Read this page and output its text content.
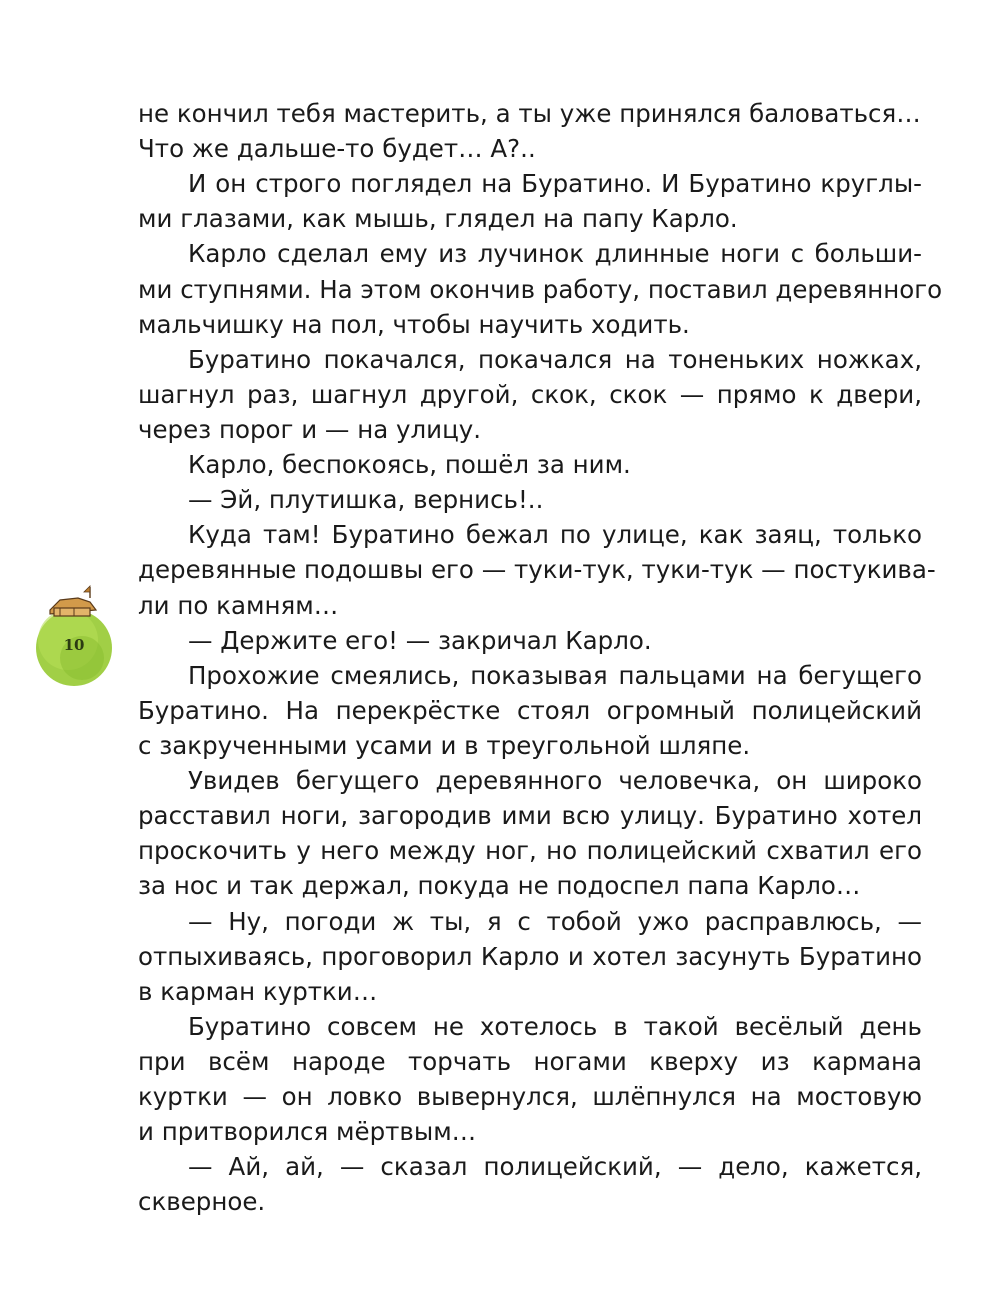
не кончил тебя мастерить, а ты уже принялся баловаться…
Что же дальше-то будет… А?..
И он строго поглядел на Буратино. И Буратино круглы-
ми глазами, как мышь, глядел на папу Карло.
Карло сделал ему из лучинок длинные ноги с больши-
ми ступнями. На этом окончив работу, поставил деревянного
мальчишку на пол, чтобы научить ходить.
Буратино покачался, покачался на тоненьких ножках,
шагнул раз, шагнул другой, скок, скок — прямо к двери,
через порог и — на улицу.
Карло, беспокоясь, пошёл за ним.
— Эй, плутишка, вернись!..
Куда там! Буратино бежал по улице, как заяц, только
деревянные подошвы его — туки-тук, туки-тук — постукива-
ли по камням…
— Держите его! — закричал Карло.
Прохожие смеялись, показывая пальцами на бегущего
Буратино. На перекрёстке стоял огромный полицейский
с закрученными усами и в треугольной шляпе.
Увидев бегущего деревянного человечка, он широко
расставил ноги, загородив ими всю улицу. Буратино хотел
проскочить у него между ног, но полицейский схватил его
за нос и так держал, покуда не подоспел папа Карло…
— Ну, погоди ж ты, я с тобой ужо расправлюсь, —
отпыхиваясь, проговорил Карло и хотел засунуть Буратино
в карман куртки…
Буратино совсем не хотелось в такой весёлый день
при всём народе торчать ногами кверху из кармана
куртки — он ловко вывернулся, шлёпнулся на мостовую
и притворился мёртвым…
— Ай, ай, — сказал полицейский, — дело, кажется,
скверное.
10
